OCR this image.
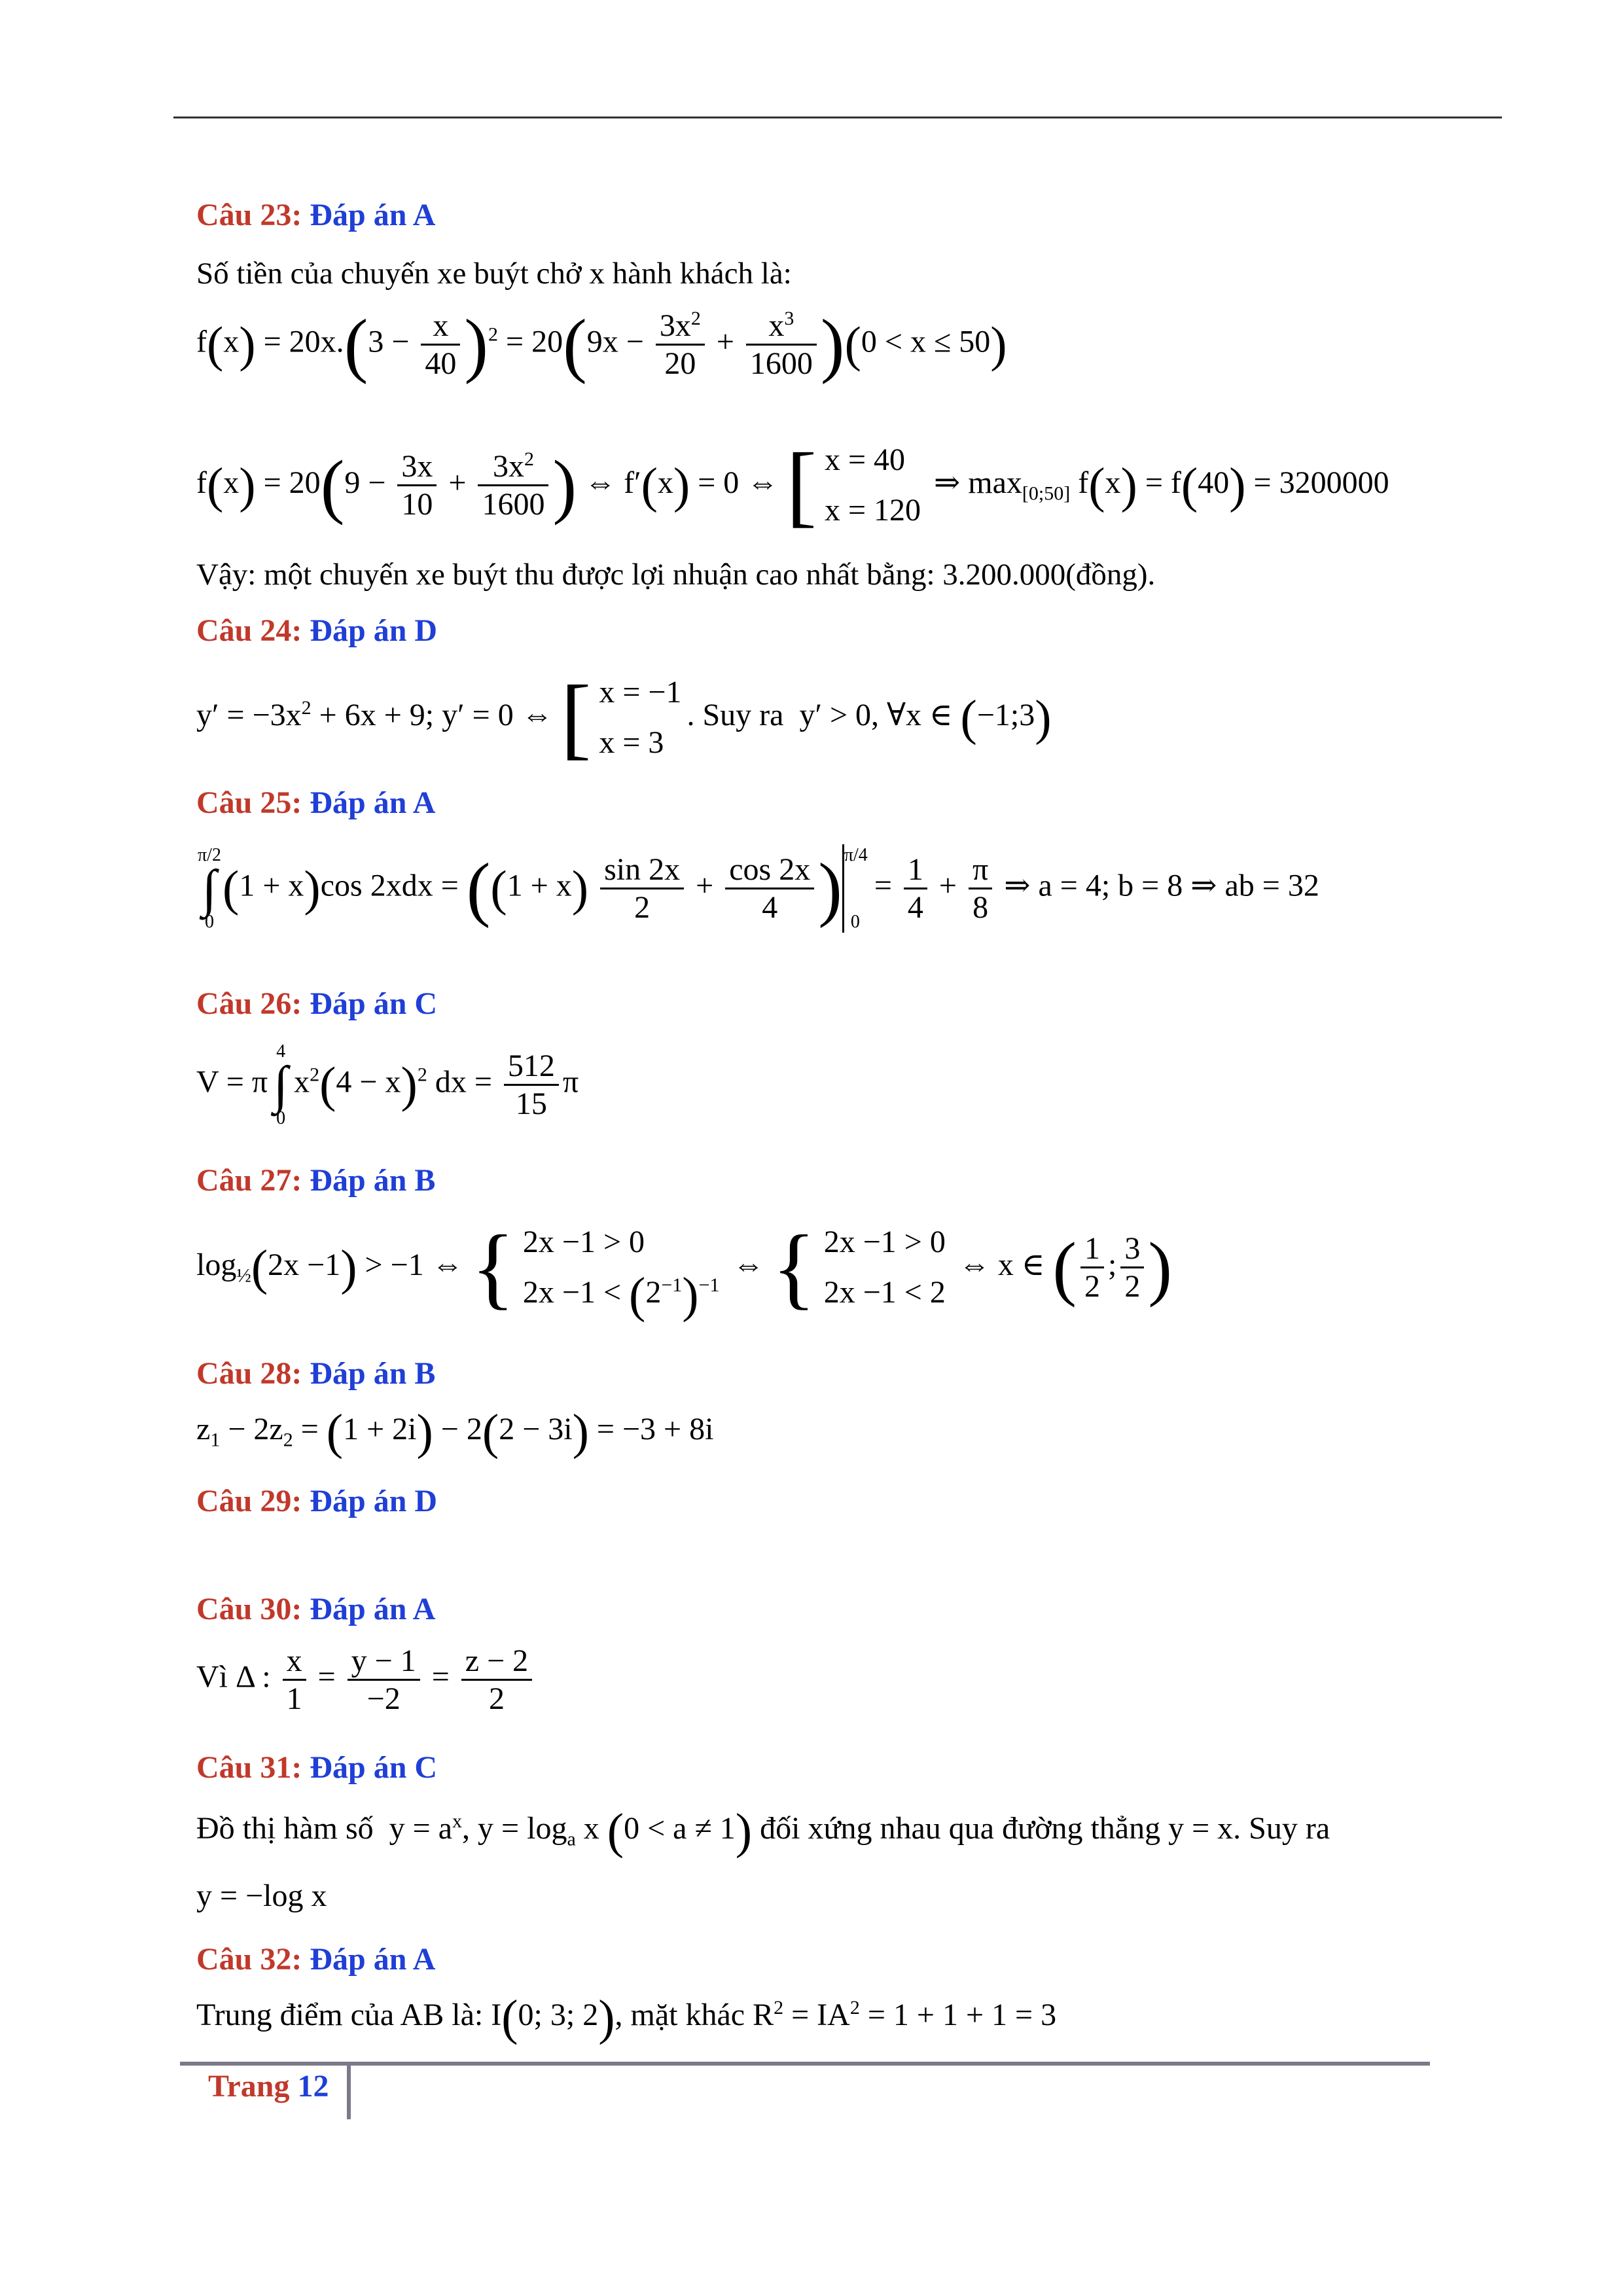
Câu 23: Đáp án A
Số tiền của chuyến xe buýt chở x hành khách là:
$f(x) = 20x.(3 - \frac{x}{40} )^2 = 20(9x - \frac{3x^2}{20} + \frac{x^3}{1600} )(0 < x \le 50)$
$f(x) = 20(9 - \frac{3x}{10} + \frac{3x^2}{1600}$ ) ⇔ f′(x) = 0 ⇔ [ x = 40
x = 120
⇒ $\max_{[0;50]} f(x) = f(40) = 3200000$
Vậy: một chuyến xe buýt thu được lợi nhuận cao nhất bằng: 3.200.000(đồng).
Câu 24: Đáp án D
$y' = -3x^2 + 6x + 9$; y′ = 0 ⇔ [ x = −1
x = 3
. Suy ra  y′ > 0, ∀x ∈ (−1;3)
Câu 25: Đáp án A
π/2
∫
0
(1 + x)cos $2xdx = ((1 + x) \frac{\sin 2x}{2} + \frac{\cos 2x}{4}$ ) π/4

0
= $\frac{1}{4} + \frac{\pi}{8}$ ⇒ a = 4; b = 8 ⇒ ab = 32
Câu 26: Đáp án C
V = π
4
∫
0
$x^2(4 - x)^2$ dx = $\frac{512}{15}$ π
Câu 27: Đáp án B
$\log_{\frac{1}{2}}(2x -1) > -1$ ⇔ { 2x −1 > 0
$2x -1 < (2^{-1})^{-1}$
⇔ { 2x −1 > 0
2x −1 < 2
⇔ x ∈ ( $\frac{1}{2}$ ; $\frac{3}{2}$ )
Câu 28: Đáp án B
$z_1 - 2z_2 = (1 + 2i) - 2(2 - 3i) = -3 + 8i$
Câu 29: Đáp án D
Câu 30: Đáp án A
Vì Δ : $\frac{x}{1} = \frac{y - 1}{-2} = \frac{z - 2}{2}$
Câu 31: Đáp án C
Đồ thị hàm số  $y = a^x$, $y = \log_a x$ (0 < a ≠ 1) đối xứng nhau qua đường thẳng y = x. Suy ra
y = −log x
Câu 32: Đáp án A
Trung điểm của AB là: I(0; 3; 2), mặt khác $R^2 = IA^2 = 1 + 1 + 1 = 3$
Trang 12
